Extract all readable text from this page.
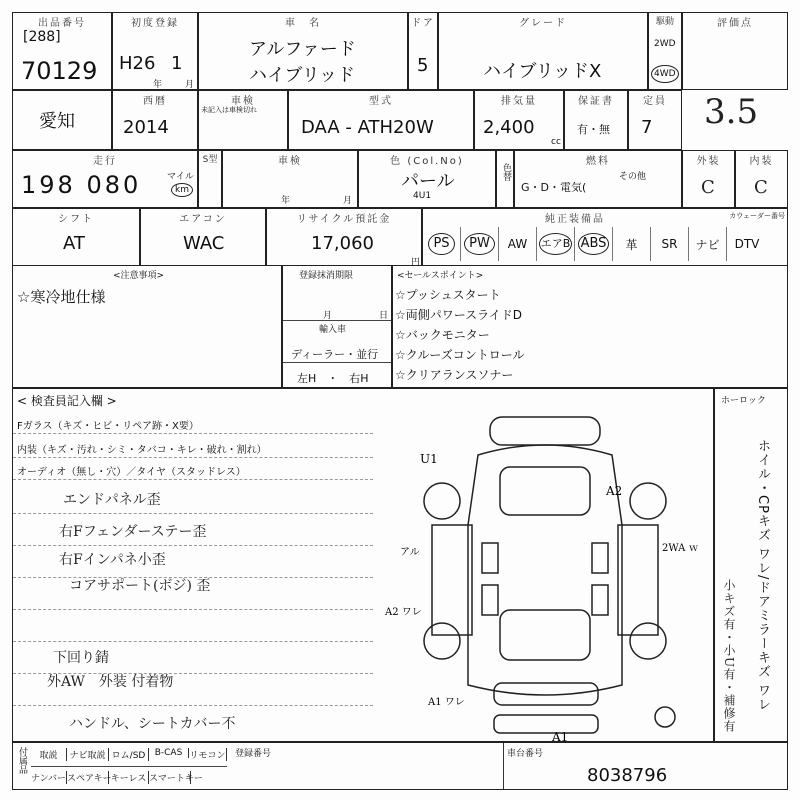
出品番号
[288]
70129
初度登録
H26 1
年	月
車　名
アルファード
ハイブリッド
ドア
5
グレード
ハイブリッドX
駆動
2WD
4WD
評価点
3.5
愛知
西暦
2014
車検
未記入は車検切れ
型式
DAA - ATH20W
排気量
2,400
cc
保証書
有・無
定員
7
走行
198 080	マイル
km
S型	車検
年	月
色 (Col.No)
パール
4U1
色替
燃料
G・D・電気(
その他
外装
C
内装
C
シフト
AT
エアコン
WAC
リサイクル預託金
17,060
円
純正装備品	カウェーダー番号
PS	PW	AW	エアB ABS	革	SR	ナビ	DTV
<注意事項>
☆寒冷地仕様
登録抹消期限
月	日
輸入車
ディーラー・並行
左H　・　右H
<セールスポイント>
☆プッシュスタート
☆両側パワースライドD
☆バックモニター
☆クルーズコントロール
☆クリアランスソナー
< 検査員記入欄 >
Fガラス（キズ・ヒビ・リペア跡・X要）
内装（キズ・汚れ・シミ・タバコ・キレ・破れ・割れ）
オーディオ（無し・穴）／タイヤ（スタッドレス）
エンドパネル歪
右Fフェンダーステー歪
右Fインパネ小歪
コアサポート(ボジ) 歪
下回り錆
外AW　外装 付着物
ハンドル、シートカバー不
U1
アル	2WA ｗ
A2 ワレ
A1 ワレ
A1
A2
ホーロック
ホイル・CPキズ ワレ/ドアミラーキズ ワレ
小キズ有・小U有・補修有
付属品	取説	ナビ取説 ロム/SD	B-CAS リモコン
ナンバー スペアキー キーレス スマートキー
登録番号	車台番号
8038796
